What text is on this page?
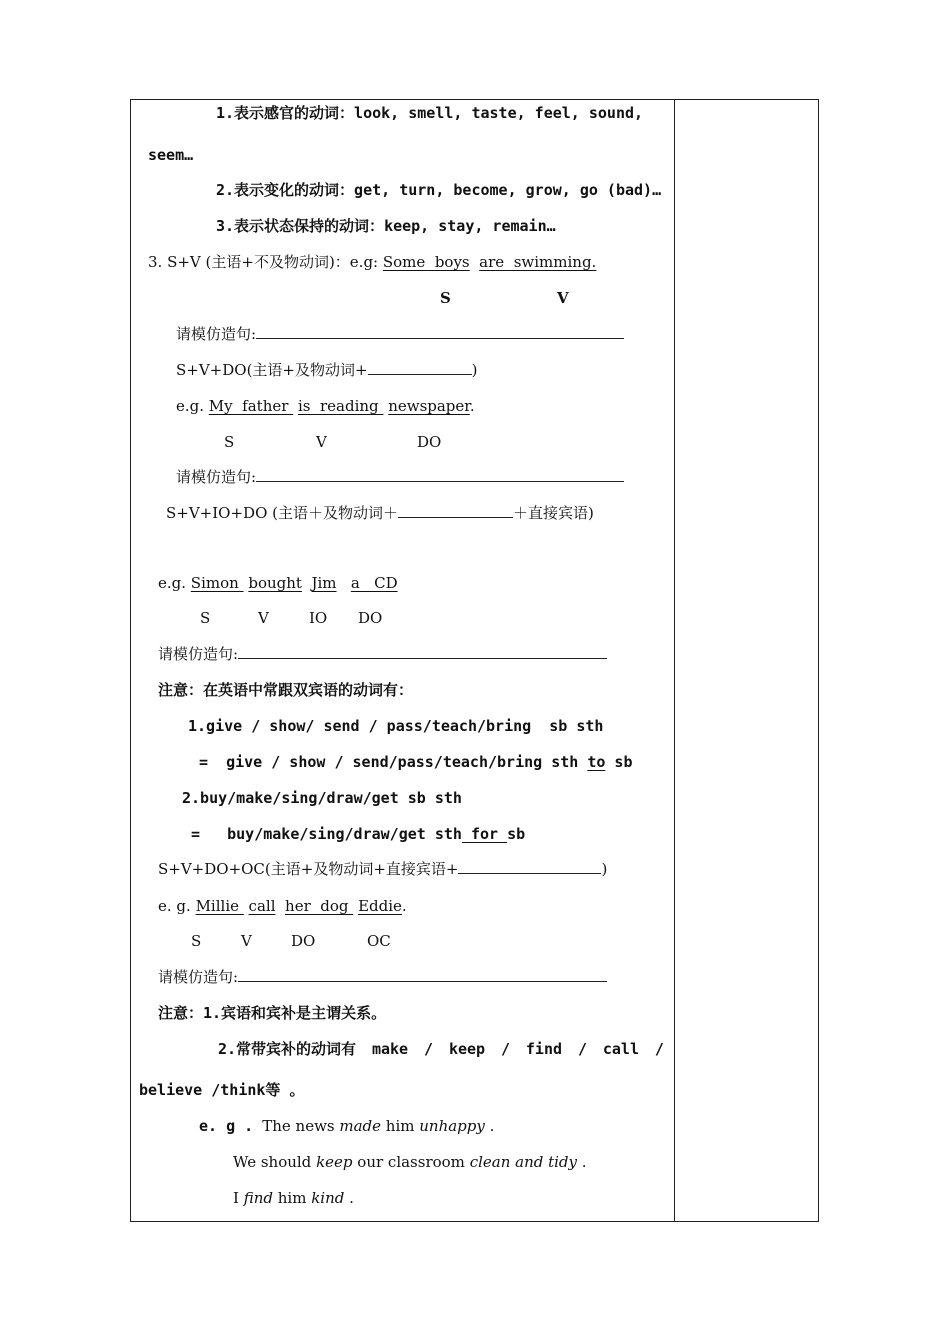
1.表示感官的动词：look, smell, taste, feel, sound,
seem…
2.表示变化的动词：get, turn, become, grow, go (bad)…
3.表示状态保持的动词：keep, stay, remain…
3. S+V (主语+不及物动词)：e.g: Some  boys are  swimming.
S	V
请模仿造句:
S+V+DO(主语+及物动词+	)
e.g. My  father  is  reading  newspaper.
S	V	DO
请模仿造句:
S+V+IO+DO (主语＋及物动词＋	＋直接宾语)
e.g. Simon  bought Jim a   CD
S	V	IO DO
请模仿造句:
注意：在英语中常跟双宾语的动词有：
1.give / show/ send / pass/teach/bring  sb sth
=  give / show / send/pass/teach/bring sth to sb
2.buy/make/sing/draw/get sb sth
=   buy/make/sing/draw/get sth for sb
S+V+DO+OC(主语+及物动词+直接宾语+	)
e. g. Millie  call her  dog  Eddie.
S	V	DO	OC
请模仿造句:
注意：1.宾语和宾补是主谓关系。
2.常带宾补的动词有 make / keep / find / call /
believe /think等 。
e. g . The news made him unhappy .
We should keep our classroom clean and tidy .
I find him kind .
